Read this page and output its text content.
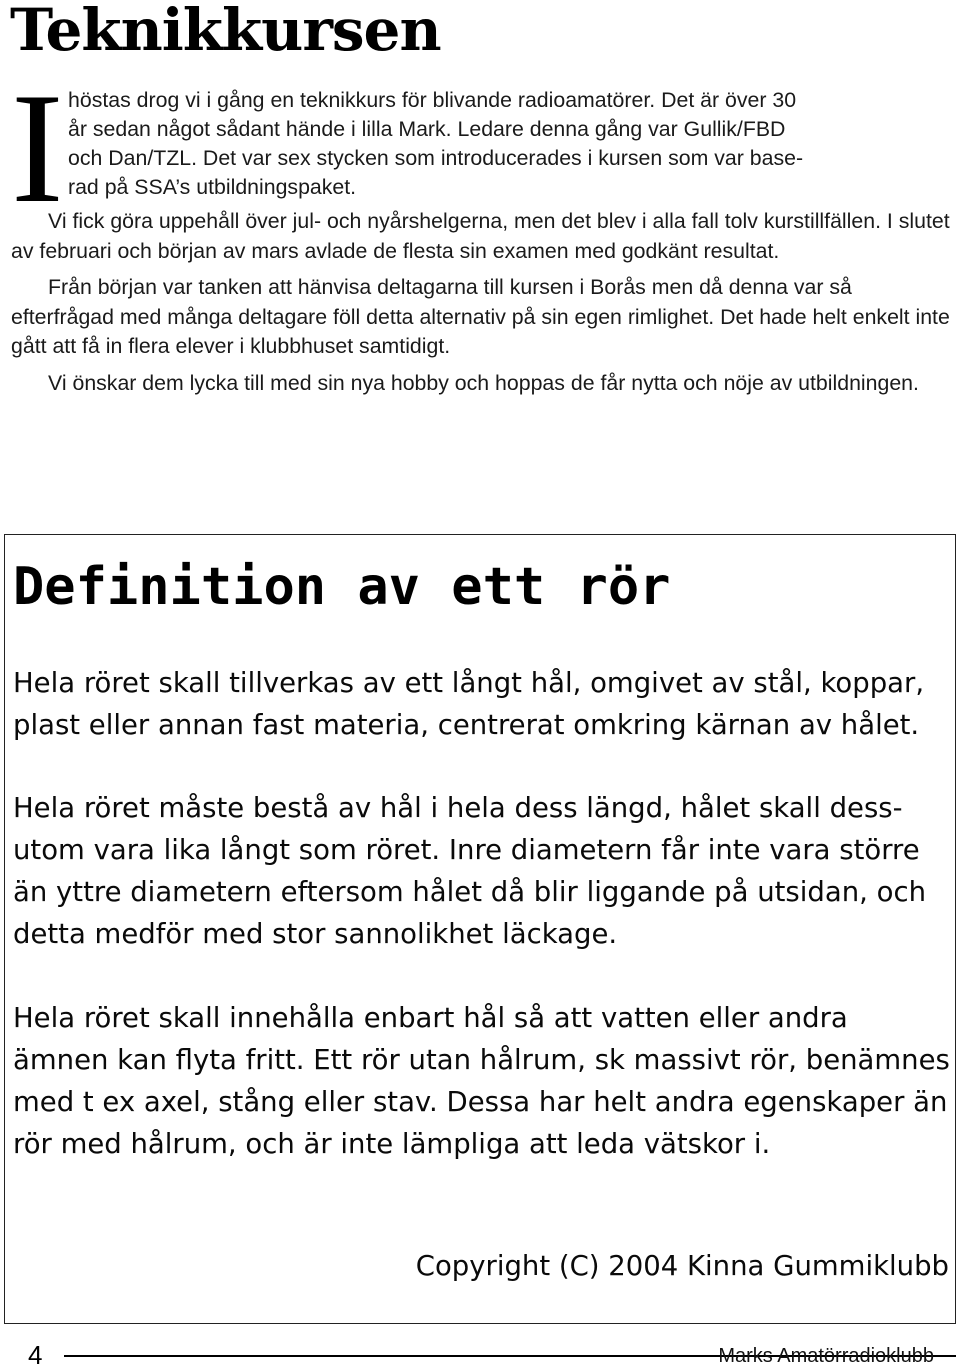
Teknikkursen
I höstas drog vi i gång en teknikkurs för blivande radioamatörer. Det är över 30
år sedan något sådant hände i lilla Mark. Ledare denna gång var Gullik/FBD
och Dan/TZL. Det var sex stycken som introducerades i kursen som var base-
rad på SSA’s utbildningspaket.

Vi fick göra uppehåll över jul- och nyårshelgerna, men det blev i alla fall tolv kurstillfällen. I slutet av februari och början av mars avlade de flesta sin examen med godkänt resultat.

Från början var tanken att hänvisa deltagarna till kursen i Borås men då denna var så efterfrågad med många deltagare föll detta alternativ på sin egen rimlighet. Det hade helt enkelt inte gått att få in flera elever i klubbhuset samtidigt.

Vi önskar dem lycka till med sin nya hobby och hoppas de får nytta och nöje av utbildningen.

Definition av ett rör

Hela röret skall tillverkas av ett långt hål, omgivet av stål, koppar, plast eller annan fast materia, centrerat omkring kärnan av hålet.

Hela röret måste bestå av hål i hela dess längd, hålet skall dess-utom vara lika långt som röret. Inre diametern får inte vara större än yttre diametern eftersom hålet då blir liggande på utsidan, och detta medför med stor sannolikhet läckage.

Hela röret skall innehålla enbart hål så att vatten eller andra ämnen kan flyta fritt. Ett rör utan hålrum, sk massivt rör, benämnes med t ex axel, stång eller stav. Dessa har helt andra egenskaper än rör med hålrum, och är inte lämpliga att leda vätskor i.

Copyright (C) 2004 Kinna Gummiklubb
4	Marks Amatörradioklubb
